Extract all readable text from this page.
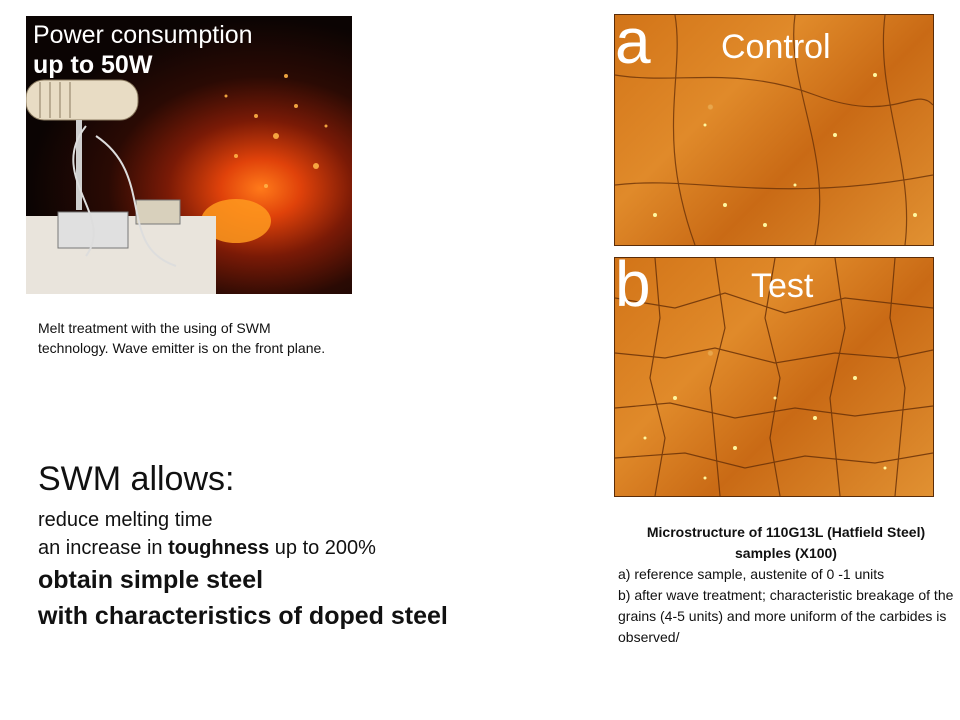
Power consumption
up to 50W
Melt treatment with the using of SWM technology. Wave emitter is on the front plane.
SWM allows:
reduce melting time
an increase in toughness up to 200%
obtain simple steel
with characteristics of doped steel
a Control
b	Test
Microstructure of 110G13L (Hatfield Steel) samples (X100)
a) reference sample, austenite of 0 -1 units
b) after wave treatment; characteristic breakage of the grains (4-5 units) and more uniform of the carbides is observed/
